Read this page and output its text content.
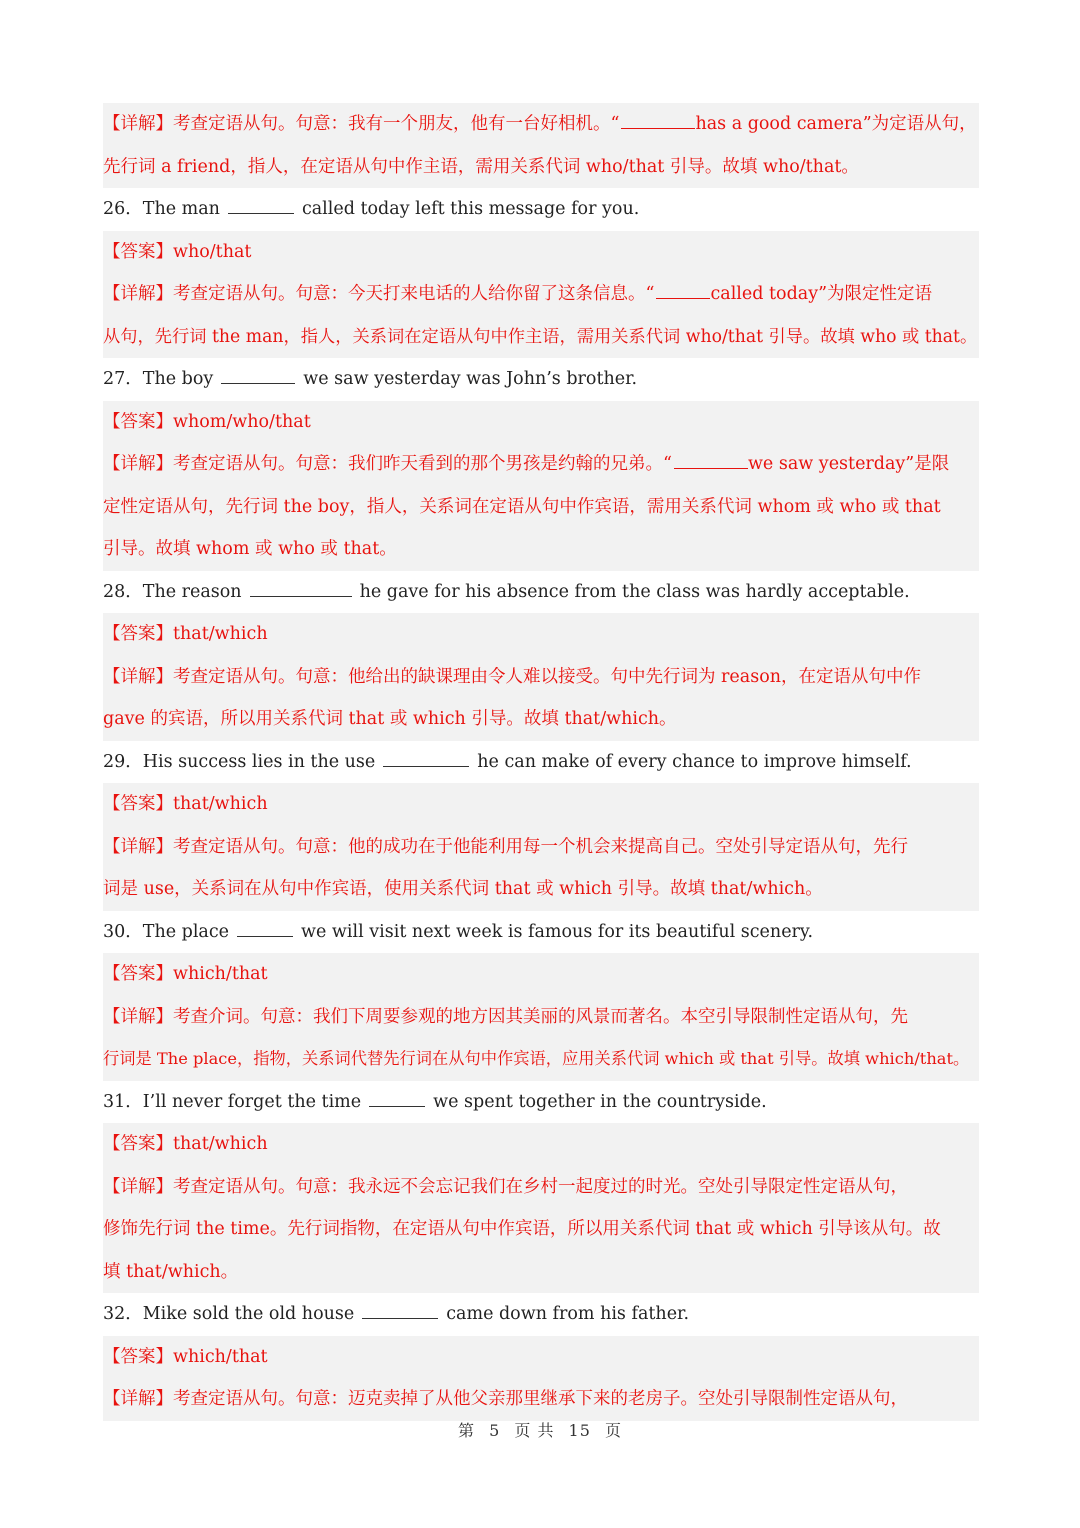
【详解】考查定语从句。句意：我有一个朋友，他有一台好相机。“	has a good camera”为定语从句，
先行词 a friend，指人，在定语从句中作主语，需用关系代词 who/that 引导。故填 who/that。
26．The man	called today left this message for you.
【答案】who/that
【详解】考查定语从句。句意：今天打来电话的人给你留了这条信息。“	called today”为限定性定语
从句，先行词 the man，指人，关系词在定语从句中作主语，需用关系代词 who/that 引导。故填 who 或 that。
27．The boy	we saw yesterday was John’s brother.
【答案】whom/who/that
【详解】考查定语从句。句意：我们昨天看到的那个男孩是约翰的兄弟。“	we saw yesterday”是限
定性定语从句，先行词 the boy，指人，关系词在定语从句中作宾语，需用关系代词 whom 或 who 或 that
引导。故填 whom 或 who 或 that。
28．The reason	he gave for his absence from the class was hardly acceptable.
【答案】that/which
【详解】考查定语从句。句意：他给出的缺课理由令人难以接受。句中先行词为 reason，在定语从句中作
gave 的宾语，所以用关系代词 that 或 which 引导。故填 that/which。
29．His success lies in the use	he can make of every chance to improve himself.
【答案】that/which
【详解】考查定语从句。句意：他的成功在于他能利用每一个机会来提高自己。空处引导定语从句，先行
词是 use，关系词在从句中作宾语，使用关系代词 that 或 which 引导。故填 that/which。
30．The place	we will visit next week is famous for its beautiful scenery.
【答案】which/that
【详解】考查介词。句意：我们下周要参观的地方因其美丽的风景而著名。本空引导限制性定语从句，先
行词是 The place，指物，关系词代替先行词在从句中作宾语，应用关系代词 which 或 that 引导。故填 which/that。
31．I’ll never forget the time	we spent together in the countryside.
【答案】that/which
【详解】考查定语从句。句意：我永远不会忘记我们在乡村一起度过的时光。空处引导限定性定语从句，
修饰先行词 the time。先行词指物，在定语从句中作宾语，所以用关系代词 that 或 which 引导该从句。故
填 that/which。
32．Mike sold the old house	came down from his father.
【答案】which/that
【详解】考查定语从句。句意：迈克卖掉了从他父亲那里继承下来的老房子。空处引导限制性定语从句，
第 5 页 共 15 页
